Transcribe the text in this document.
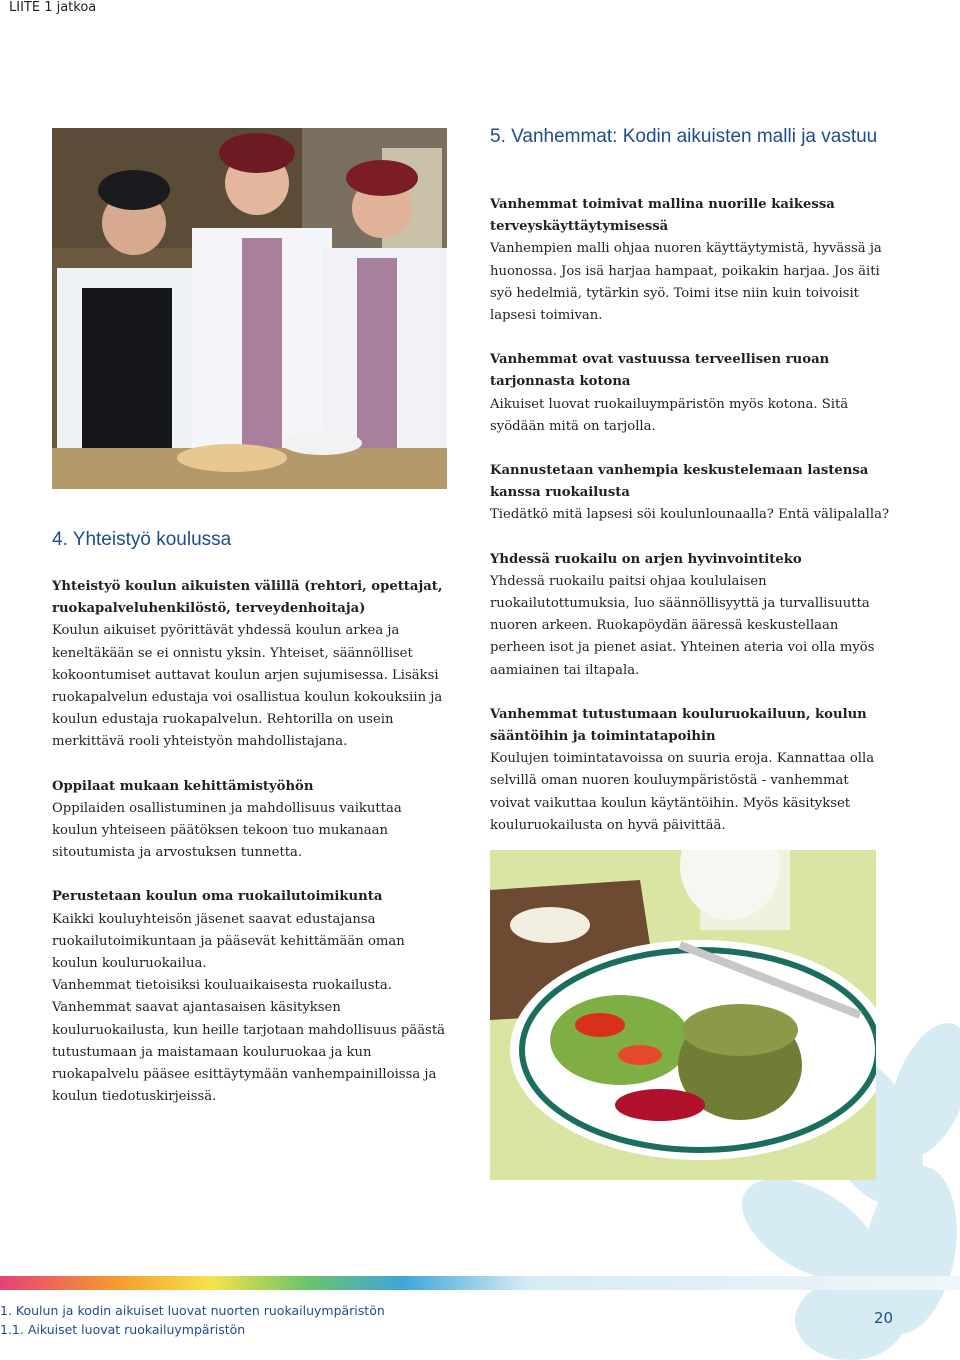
LIITE 1 jatkoa
5. Vanhemmat: Kodin aikuisten malli ja vastuu
Vanhemmat toimivat mallina nuorille kaikessa terveyskäyttäytymisessä
Vanhempien malli ohjaa nuoren käyttäytymistä, hyvässä ja huonossa. Jos isä harjaa hampaat, poikakin harjaa. Jos äiti syö hedelmiä, tytärkin syö. Toimi itse niin kuin toivoisit lapsesi toimivan.
Vanhemmat ovat vastuussa terveellisen ruoan tarjonnasta kotona
Aikuiset luovat ruokailuympäristön myös kotona. Sitä syödään mitä on tarjolla.
Kannustetaan vanhempia keskustelemaan lastensa kanssa ruokailusta
Tiedätkö mitä lapsesi söi koulunlounaalla? Entä välipalalla?
Yhdessä ruokailu on arjen hyvinvointiteko
Yhdessä ruokailu paitsi ohjaa koululaisen ruokailutottumuksia, luo säännöllisyyttä ja turvallisuutta nuoren arkeen. Ruokapöydän ääressä keskustellaan perheen isot ja pienet asiat. Yhteinen ateria voi olla myös aamiainen tai iltapala.
Vanhemmat tutustumaan kouluruokailuun, koulun sääntöihin ja toimintatapoihin
Koulujen toimintatavoissa on suuria eroja. Kannattaa olla selvillä oman nuoren kouluympäristöstä - vanhemmat voivat vaikuttaa koulun käytäntöihin. Myös käsitykset kouluruokailusta on hyvä päivittää.
4. Yhteistyö koulussa
Yhteistyö koulun aikuisten välillä (rehtori, opettajat, ruokapalveluhenkilöstö, terveydenhoitaja)
Koulun aikuiset pyörittävät yhdessä koulun arkea ja keneltäkään se ei onnistu yksin. Yhteiset, säännölliset kokoontumiset auttavat koulun arjen sujumisessa. Lisäksi ruokapalvelun edustaja voi osallistua koulun kokouksiin ja koulun edustaja ruokapalvelun. Rehtorilla on usein merkittävä rooli yhteistyön mahdollistajana.
Oppilaat mukaan kehittämistyöhön
Oppilaiden osallistuminen ja mahdollisuus vaikuttaa koulun yhteiseen päätöksen tekoon tuo mukanaan sitoutumista ja arvostuksen tunnetta.
Perustetaan koulun oma ruokailutoimikunta
Kaikki kouluyhteisön jäsenet saavat edustajansa ruokailutoimikuntaan ja pääsevät kehittämään oman koulun kouluruokailua.
Vanhemmat tietoisiksi kouluaikaisesta ruokailusta.
Vanhemmat saavat ajantasaisen käsityksen kouluruokailusta, kun heille tarjotaan mahdollisuus päästä tutustumaan ja maistamaan kouluruokaa ja kun ruokapalvelu pääsee esittäytymään vanhempainilloissa ja koulun tiedotuskirjeissä.
1. Koulun ja kodin aikuiset luovat nuorten ruokailuympäristön
1.1. Aikuiset luovat ruokailuympäristön
20
